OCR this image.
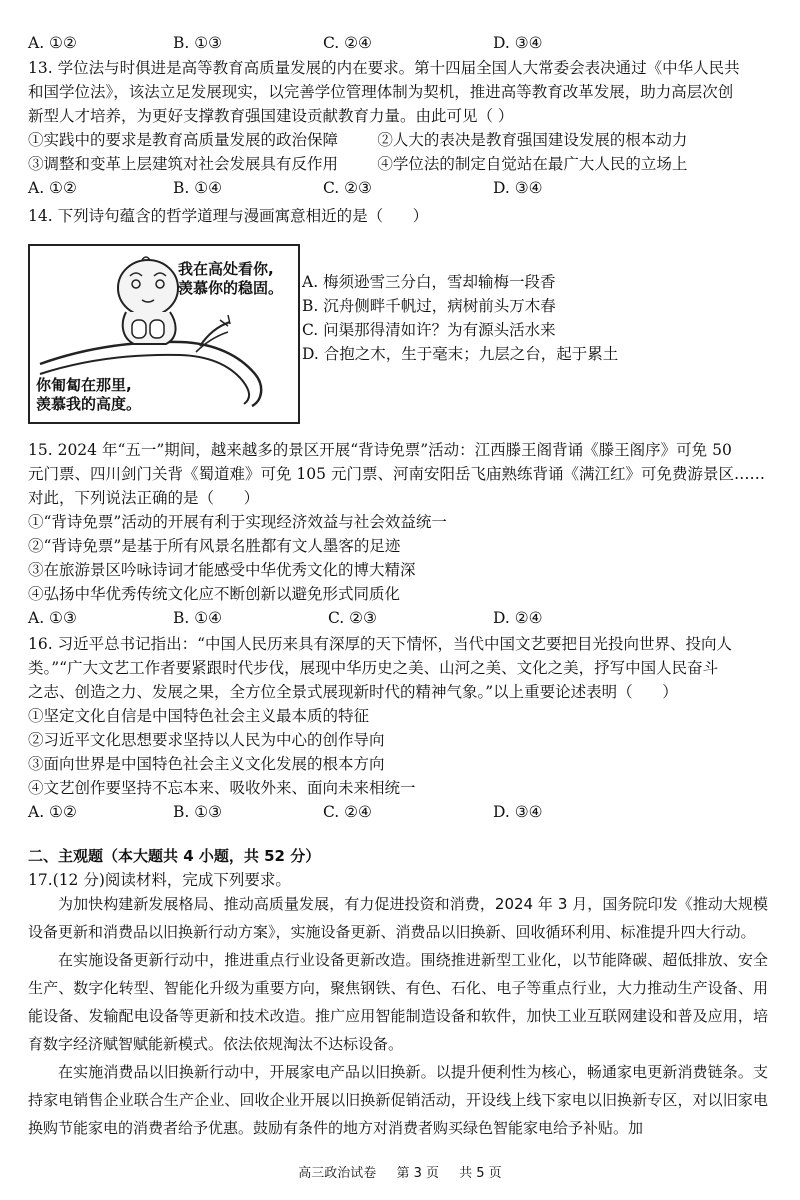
A. ①②	B. ①③	C. ②④	D. ③④
13. 学位法与时俱进是高等教育高质量发展的内在要求。第十四届全国人大常委会表决通过《中华人民共
和国学位法》，该法立足发展现实，以完善学位管理体制为契机，推进高等教育改革发展，助力高层次创
新型人才培养，为更好支撑教育强国建设贡献教育力量。由此可见（ ）
①实践中的要求是教育高质量发展的政治保障        ②人大的表决是教育强国建设发展的根本动力
③调整和变革上层建筑对社会发展具有反作用        ④学位法的制定自觉站在最广大人民的立场上
A. ①②	B. ①④	C. ②③	D. ③④
14. 下列诗句蕴含的哲学道理与漫画寓意相近的是（      ）
我在高处看你,
羡慕你的稳固。
你匍匐在那里,
羡慕我的高度。
A. 梅须逊雪三分白，雪却输梅一段香
B. 沉舟侧畔千帆过，病树前头万木春
C. 问渠那得清如许？为有源头活水来
D. 合抱之木，生于毫末；九层之台，起于累土
15. 2024 年“五一”期间，越来越多的景区开展“背诗免票”活动：江西滕王阁背诵《滕王阁序》可免 50
元门票、四川剑门关背《蜀道难》可免 105 元门票、河南安阳岳飞庙熟练背诵《满江红》可免费游景区……
对此，下列说法正确的是（      ）
①“背诗免票”活动的开展有利于实现经济效益与社会效益统一
②“背诗免票”是基于所有风景名胜都有文人墨客的足迹
③在旅游景区吟咏诗词才能感受中华优秀文化的博大精深
④弘扬中华优秀传统文化应不断创新以避免形式同质化
A. ①③	B. ①④	C. ②③	D. ②④
16. 习近平总书记指出：“中国人民历来具有深厚的天下情怀，当代中国文艺要把目光投向世界、投向人
类。”“广大文艺工作者要紧跟时代步伐，展现中华历史之美、山河之美、文化之美，抒写中国人民奋斗
之志、创造之力、发展之果，全方位全景式展现新时代的精神气象。”以上重要论述表明（      ）
①坚定文化自信是中国特色社会主义最本质的特征
②习近平文化思想要求坚持以人民为中心的创作导向
③面向世界是中国特色社会主义文化发展的根本方向
④文艺创作要坚持不忘本来、吸收外来、面向未来相统一
A. ①②	B. ①③	C. ②④	D. ③④
二、主观题（本大题共 4 小题，共 52 分）
17.(12 分)阅读材料，完成下列要求。

为加快构建新发展格局、推动高质量发展，有力促进投资和消费，2024 年 3 月，国务院印发《推动大规模设备更新和消费品以旧换新行动方案》，实施设备更新、消费品以旧换新、回收循环利用、标准提升四大行动。

在实施设备更新行动中，推进重点行业设备更新改造。围绕推进新型工业化，以节能降碳、超低排放、安全生产、数字化转型、智能化升级为重要方向，聚焦钢铁、有色、石化、电子等重点行业，大力推动生产设备、用能设备、发输配电设备等更新和技术改造。推广应用智能制造设备和软件，加快工业互联网建设和普及应用，培育数字经济赋智赋能新模式。依法依规淘汰不达标设备。

在实施消费品以旧换新行动中，开展家电产品以旧换新。以提升便利性为核心，畅通家电更新消费链条。支持家电销售企业联合生产企业、回收企业开展以旧换新促销活动，开设线上线下家电以旧换新专区，对以旧家电换购节能家电的消费者给予优惠。鼓励有条件的地方对消费者购买绿色智能家电给予补贴。加

高三政治试卷 第 3 页 共 5 页
